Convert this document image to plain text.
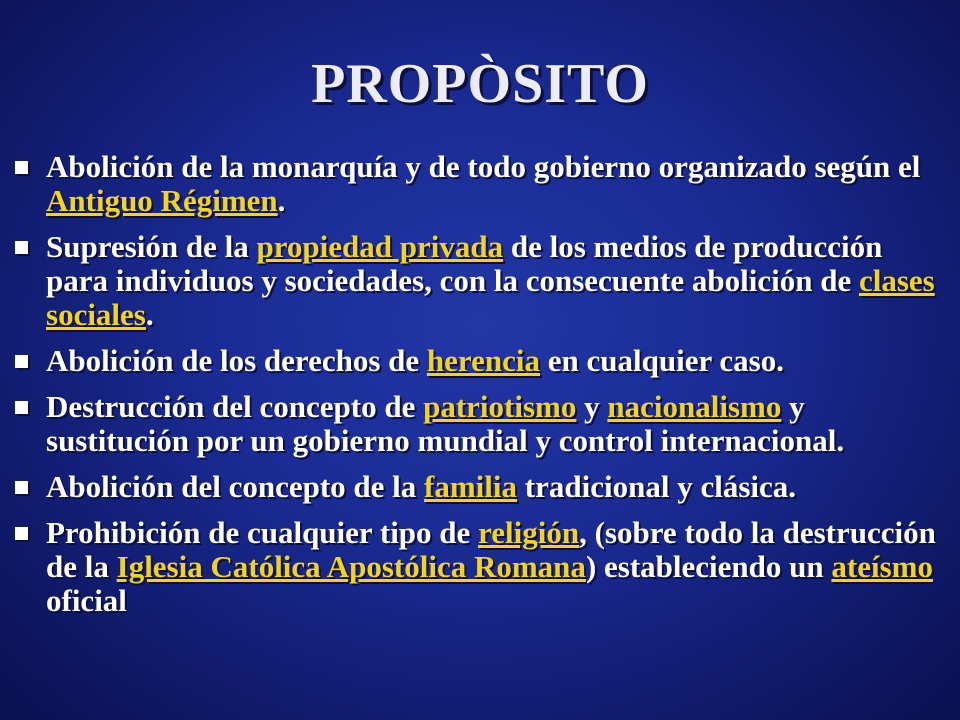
PROPÒSITO
Abolición de la monarquía y de todo gobierno organizado según el Antiguo Régimen.
Supresión de la propiedad privada de los medios de producción para individuos y sociedades, con la consecuente abolición de clases sociales.
Abolición de los derechos de herencia en cualquier caso.
Destrucción del concepto de patriotismo y nacionalismo y sustitución por un gobierno mundial y control internacional.
Abolición del concepto de la familia tradicional y clásica.
Prohibición de cualquier tipo de religión, (sobre todo la destrucción de la Iglesia Católica Apostólica Romana) estableciendo un ateísmo oficial
